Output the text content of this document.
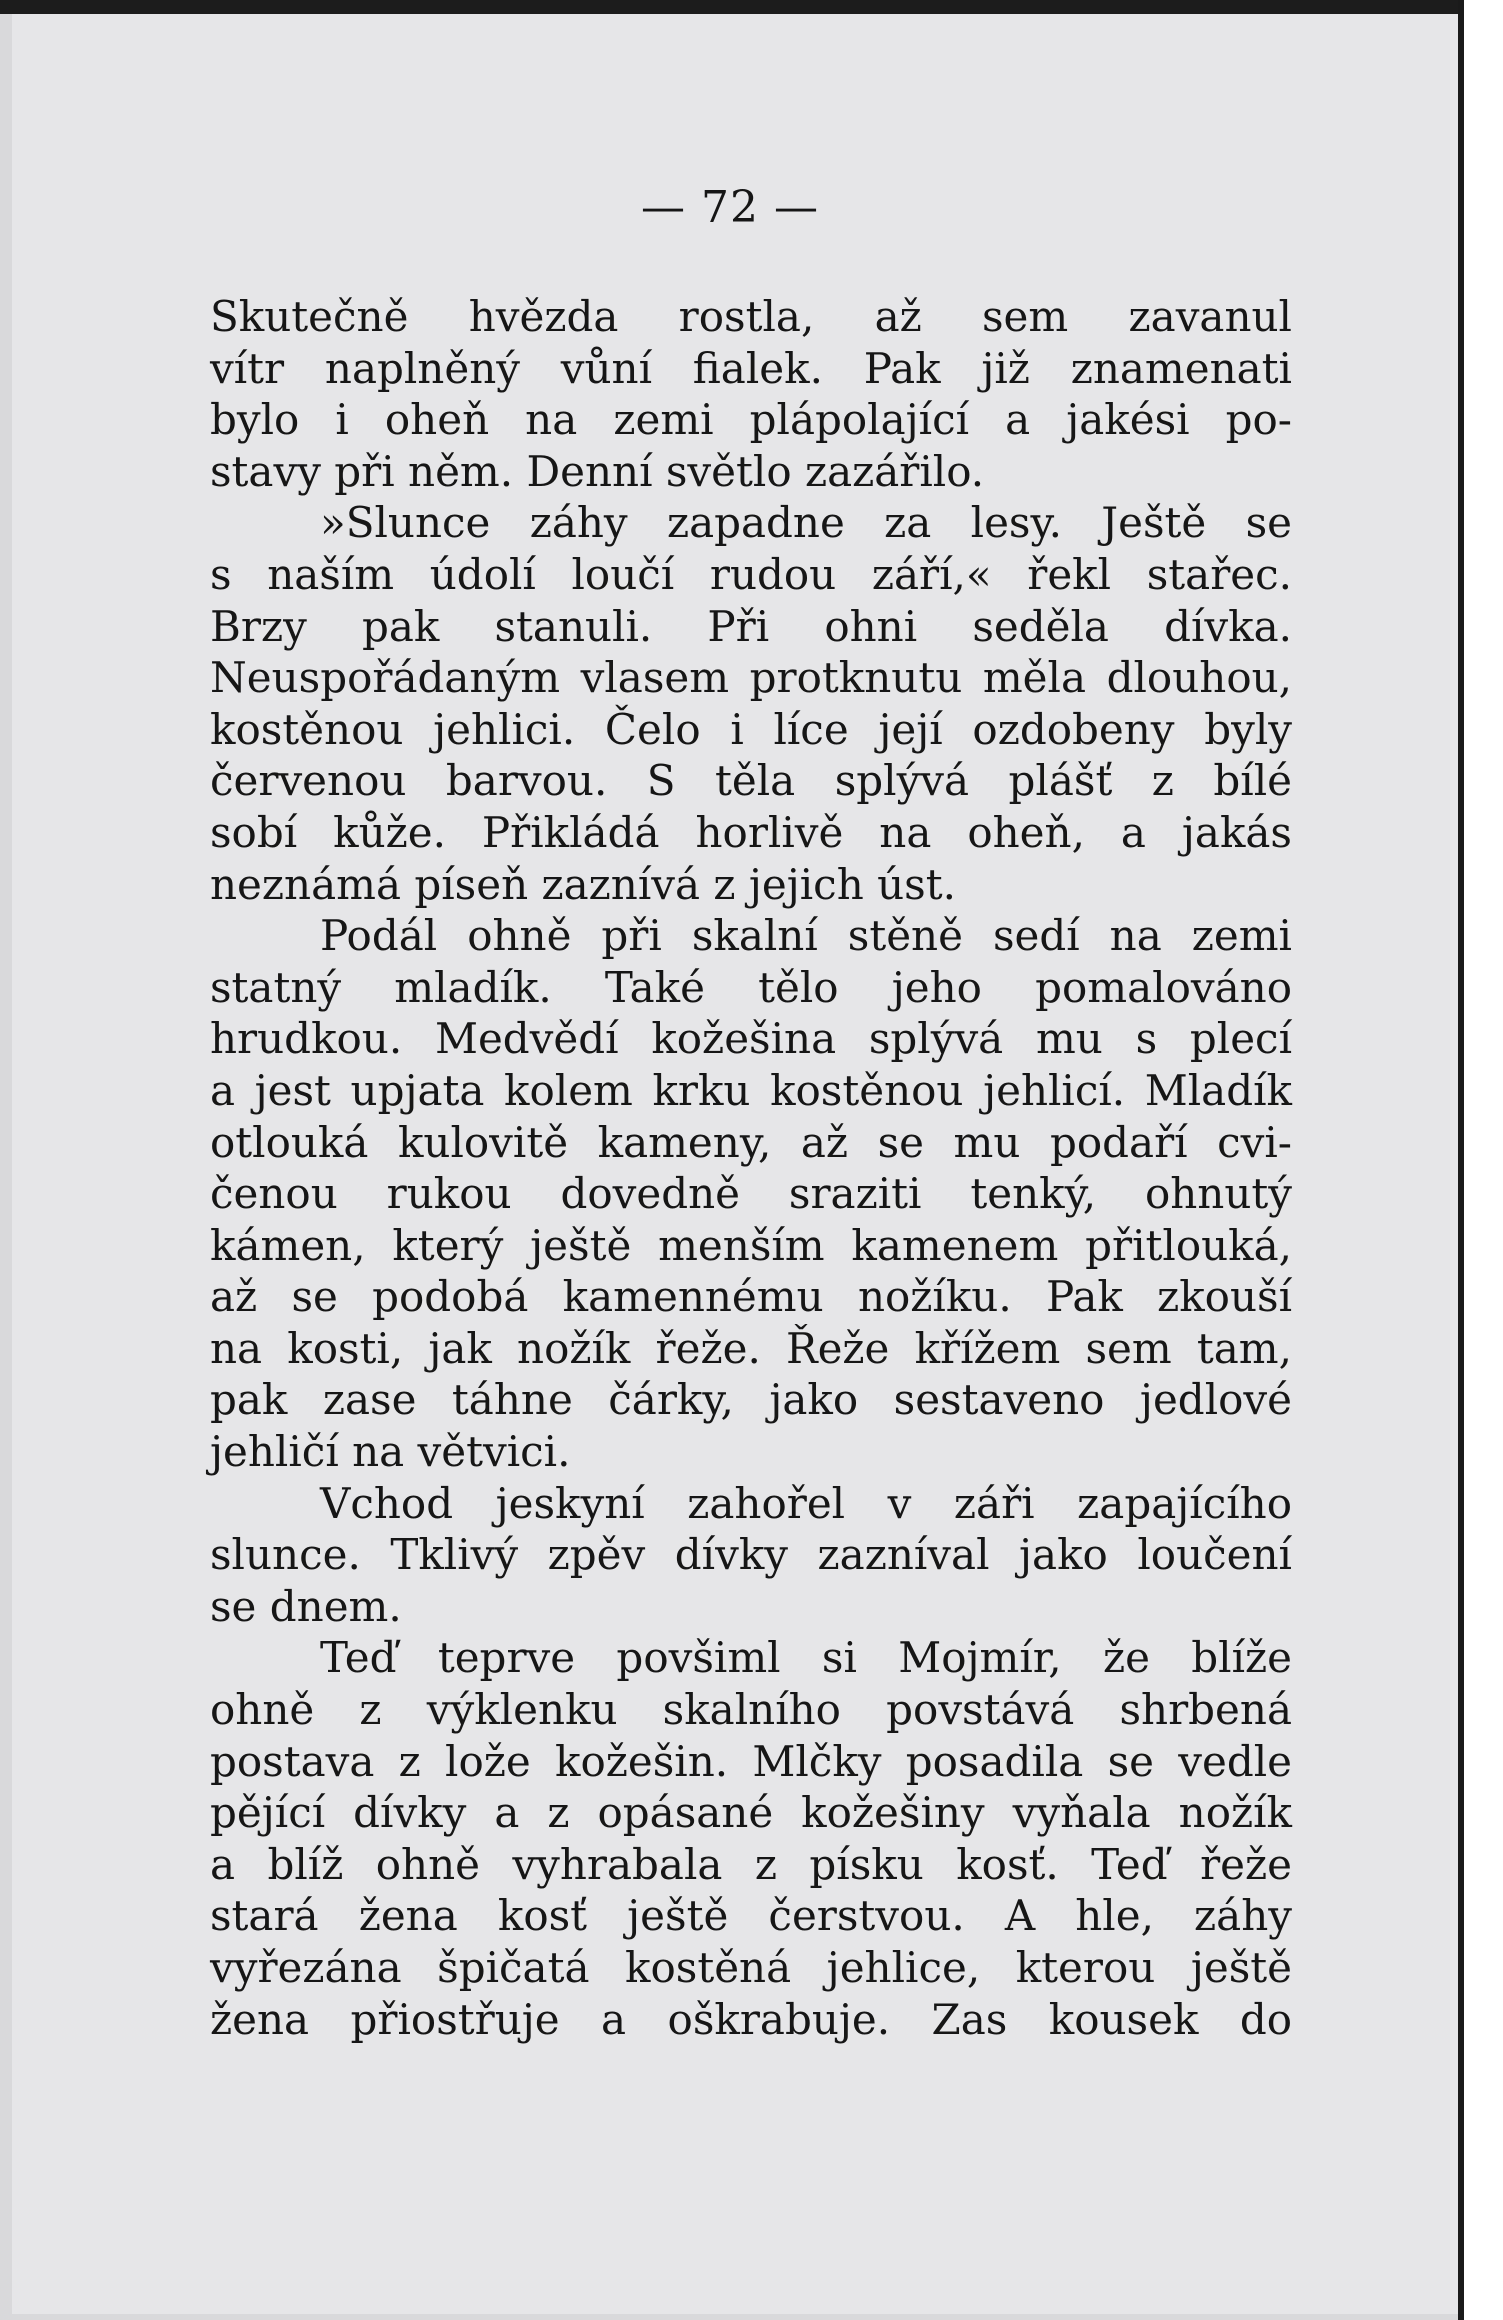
— 72 —
Skutečně hvězda rostla, až sem zavanul
vítr naplněný vůní fialek. Pak již znamenati
bylo i oheň na zemi plápolající a jakési po-
stavy při něm. Denní světlo zazářilo.
»Slunce záhy zapadne za lesy. Ještě se
s naším údolí loučí rudou září,« řekl stařec.
Brzy pak stanuli. Při ohni seděla dívka.
Neuspořádaným vlasem protknutu měla dlouhou,
kostěnou jehlici. Čelo i líce její ozdobeny byly
červenou barvou. S těla splývá plášť z bílé
sobí kůže. Přikládá horlivě na oheň, a jakás
neznámá píseň zaznívá z jejich úst.
Podál ohně při skalní stěně sedí na zemi
statný mladík. Také tělo jeho pomalováno
hrudkou. Medvědí kožešina splývá mu s plecí
a jest upjata kolem krku kostěnou jehlicí. Mladík
otlouká kulovitě kameny, až se mu podaří cvi-
čenou rukou dovedně sraziti tenký, ohnutý
kámen, který ještě menším kamenem přitlouká,
až se podobá kamennému nožíku. Pak zkouší
na kosti, jak nožík řeže. Řeže křížem sem tam,
pak zase táhne čárky, jako sestaveno jedlové
jehličí na větvici.
Vchod jeskyní zahořel v záři zapajícího
slunce. Tklivý zpěv dívky zazníval jako loučení
se dnem.
Teď teprve povšiml si Mojmír, že blíže
ohně z výklenku skalního povstává shrbená
postava z lože kožešin. Mlčky posadila se vedle
pějící dívky a z opásané kožešiny vyňala nožík
a blíž ohně vyhrabala z písku kosť. Teď řeže
stará žena kosť ještě čerstvou. A hle, záhy
vyřezána špičatá kostěná jehlice, kterou ještě
žena přiostřuje a oškrabuje. Zas kousek do
